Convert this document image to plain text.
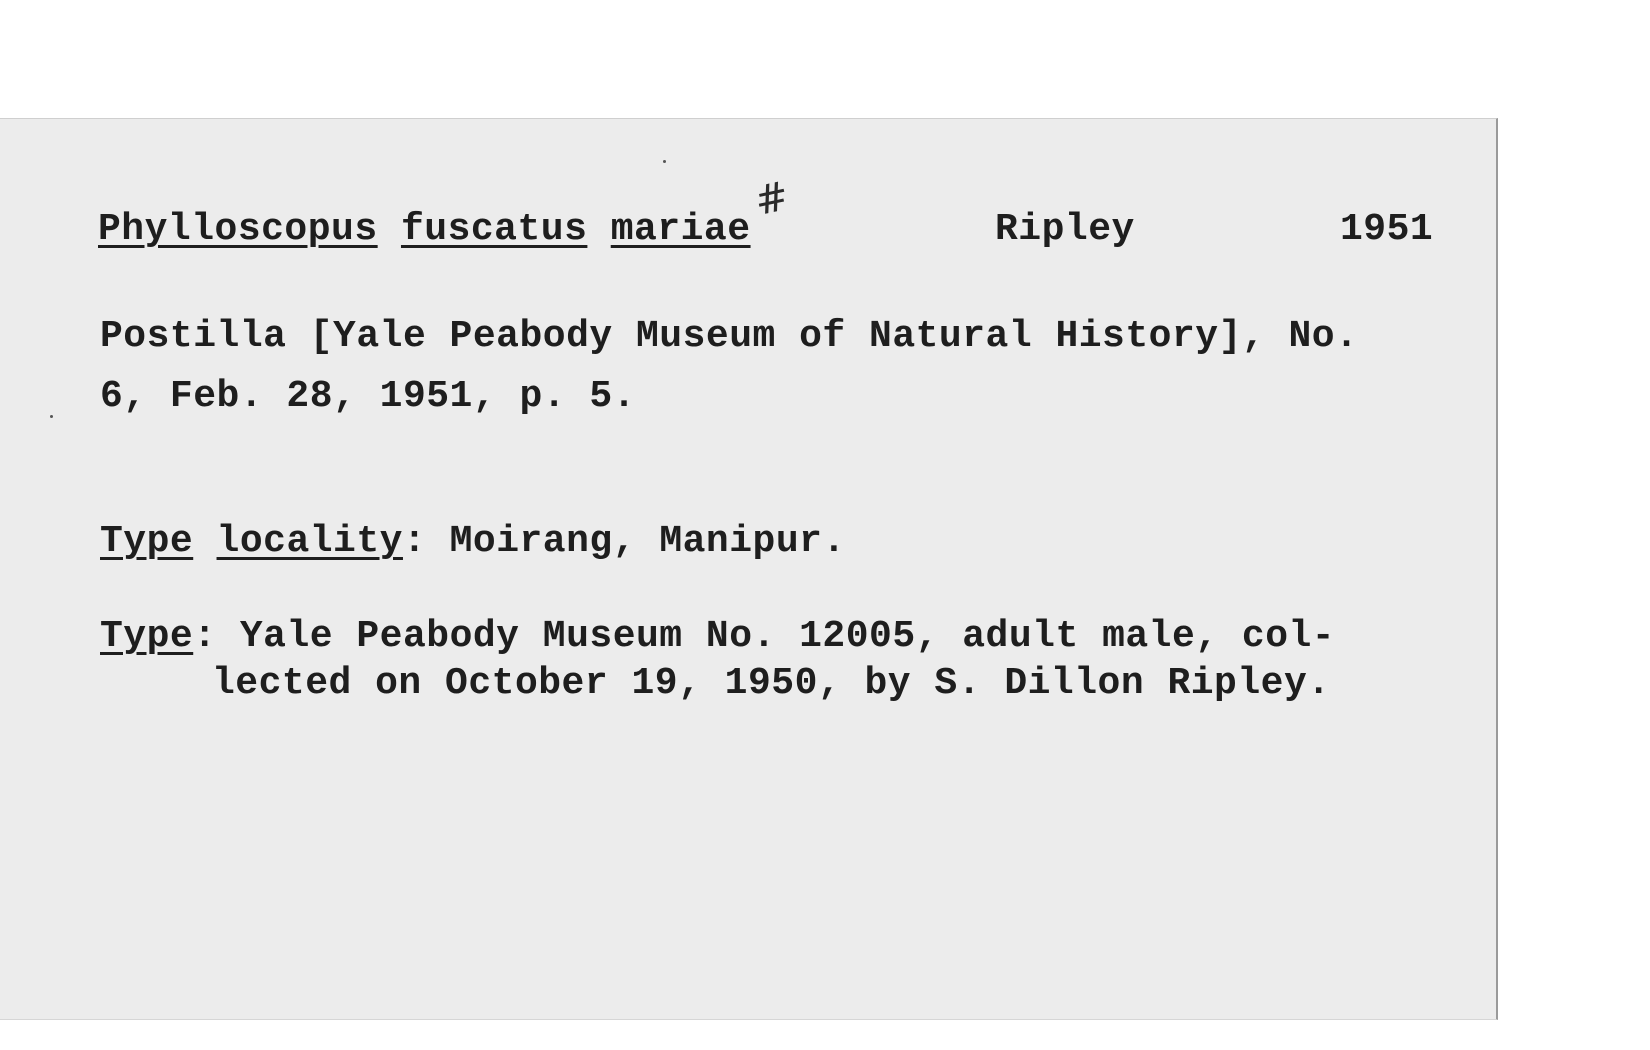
#
Phylloscopus fuscatus mariae	Ripley	1951
Postilla [Yale Peabody Museum of Natural History], No.
6, Feb. 28, 1951, p. 5.
Type locality: Moirang, Manipur.
Type: Yale Peabody Museum No. 12005, adult male, col-
lected on October 19, 1950, by S. Dillon Ripley.
